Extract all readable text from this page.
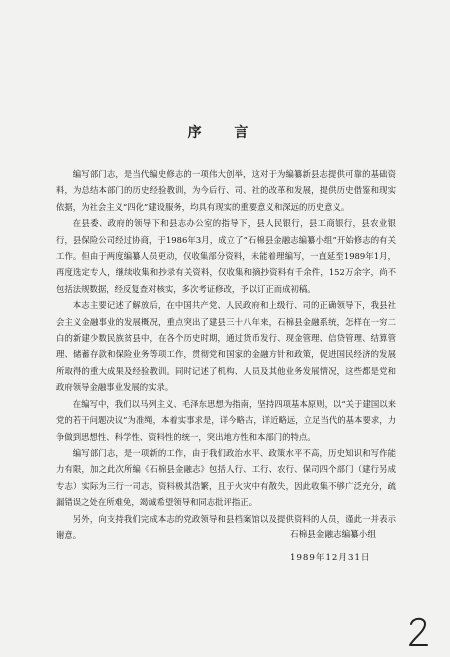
序 言

编写部门志，是当代编史修志的一项伟大创举，这对于为编纂新县志提供可靠的基础资料，为总结本部门的历史经验教训，为今后行、司、社的改革和发展，提供历史借鉴和现实依据，为社会主义“四化”建设服务，均具有现实的重要意义和深远的历史意义。

在县委、政府的领导下和县志办公室的指导下，县人民银行，县工商银行，县农业银行，县保险公司经过协商，于1986年3月，成立了“石棉县金融志编纂小组”开始修志的有关工作。但由于两度编纂人员更动，仅收集部分资料，未能着理编写，一直延至1989年1月，再度选定专人，继续收集和抄录有关资料，仅收集和摘抄资料有千余件，152万余字，尚不包括法规数据，经反复查对核实，多次考证修改，予以订正而成初稿。

本志主要记述了解放后，在中国共产党、人民政府和上级行、司的正确领导下，我县社会主义金融事业的发展概况，重点突出了建县三十八年来，石棉县金融系统，怎样在一穷二白的新建少数民族贫县中，在各个历史时期，通过货币发行、现金管理、信贷管理、结算管理、储蓄存款和保险业务等项工作，贯彻党和国家的金融方针和政策，促进国民经济的发展所取得的重大成果及经验教训。同时记述了机构、人员及其他业务发展情况，这些都是党和政府领导金融事业发展的实录。

在编写中，我们以马列主义、毛泽东思想为指南，坚持四项基本原则，以“关于建国以来党的若干问题决议”为准绳，本着实事求是，详今略古，详近略远，立足当代的基本要求，力争做到思想性、科学性、资料性的统一，突出地方性和本部门的特点。

编写部门志，是一项新的工作，由于我们政治水平、政策水平不高，历史知识和写作能力有限，加之此次所编《石棉县金融志》包括人行、工行、农行、保司四个部门（建行另成专志）实际为三行一司志，资料极其浩繁，且于火灾中有散失，因此收集不够广泛充分，疏漏错误之处在所难免，竭诚希望领导和同志批评指正。

另外，向支持我们完成本志的党政领导和县档案馆以及提供资料的人员，谨此一并表示谢意。	石棉县金融志编纂小组
1989年12月31日
